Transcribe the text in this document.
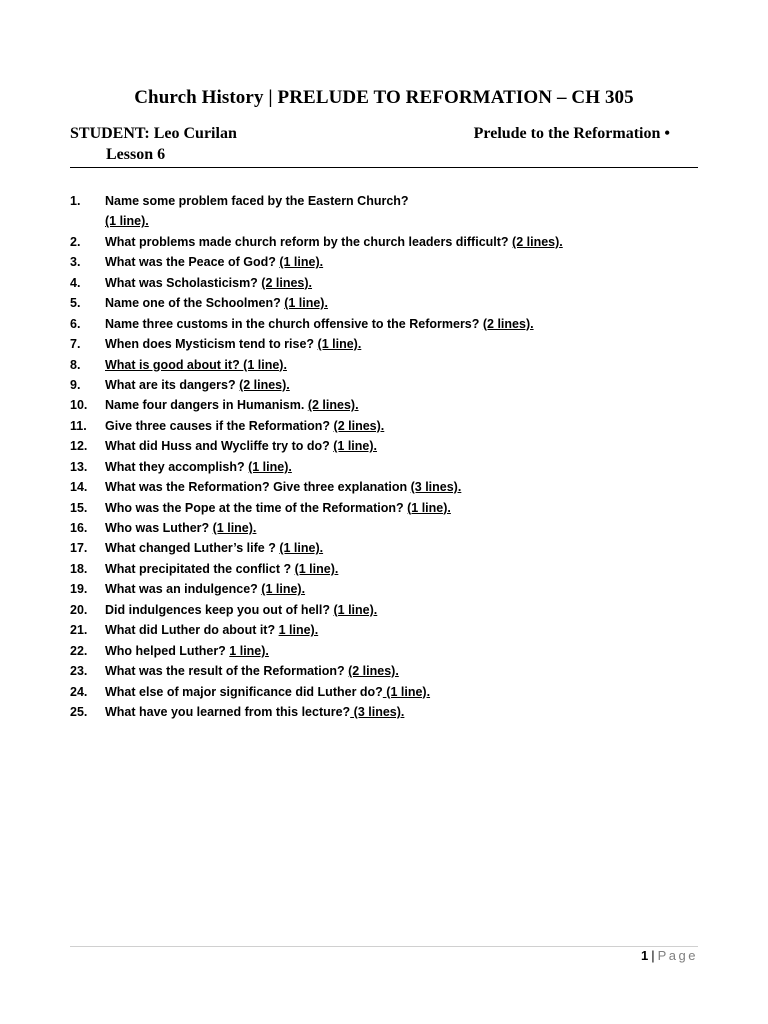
Church History | PRELUDE TO REFORMATION – CH 305
STUDENT: Leo Curilan	Prelude to the Reformation •
Lesson 6
1.	Name some problem faced by the Eastern Church?
(1 line).
2.	What problems made church reform by the church leaders difficult? (2 lines).
3.	What was the Peace of God? (1 line).
4.	What was Scholasticism? (2 lines).
5.	Name one of the Schoolmen? (1 line).
6.	Name three customs in the church offensive to the Reformers? (2 lines).
7.	When does Mysticism tend to rise? (1 line).
8.	What is good about it? (1 line).
9.	What are its dangers? (2 lines).
10.	Name four dangers in Humanism. (2 lines).
11.	Give three causes if the Reformation? (2 lines).
12.	What did Huss and Wycliffe try to do? (1 line).
13.	What they accomplish? (1 line).
14.	What was the Reformation? Give three explanation (3 lines).
15.	Who was the Pope at the time of the Reformation? (1 line).
16.	Who was Luther? (1 line).
17.	What changed Luther’s life ? (1 line).
18.	What precipitated the conflict ? (1 line).
19.	What was an indulgence? (1 line).
20.	Did indulgences keep you out of hell? (1 line).
21.	What did Luther do about it? 1 line).
22.	Who helped Luther? 1 line).
23.	What was the result of the Reformation? (2 lines).
24.	What else of major significance did Luther do? (1 line).
25.	What have you learned from this lecture? (3 lines).
1 | Page
